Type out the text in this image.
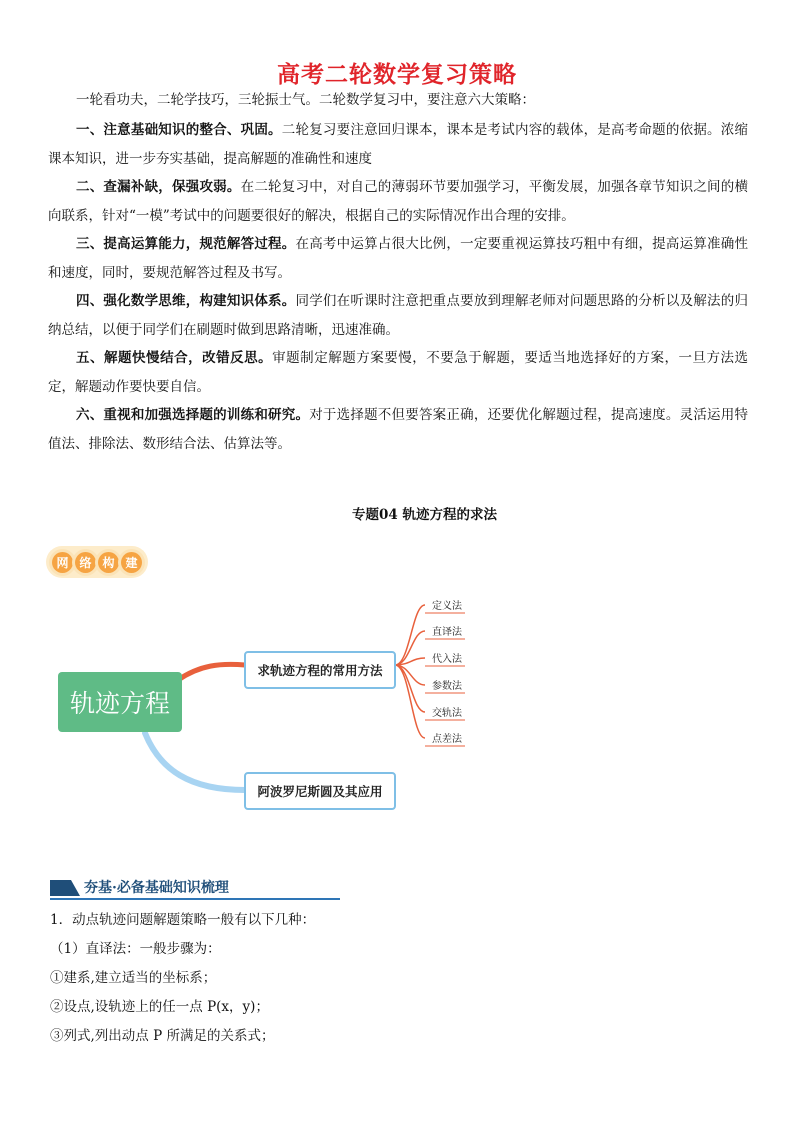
高考二轮数学复习策略
一轮看功夫，二轮学技巧，三轮振士气。二轮数学复习中，要注意六大策略：

一、注意基础知识的整合、巩固。二轮复习要注意回归课本，课本是考试内容的载体，是高考命题的依据。浓缩课本知识，进一步夯实基础，提高解题的准确性和速度

二、查漏补缺，保强攻弱。在二轮复习中，对自己的薄弱环节要加强学习，平衡发展，加强各章节知识之间的横向联系，针对“一模”考试中的问题要很好的解决，根据自己的实际情况作出合理的安排。

三、提高运算能力，规范解答过程。在高考中运算占很大比例，一定要重视运算技巧粗中有细，提高运算准确性和速度，同时，要规范解答过程及书写。

四、强化数学思维，构建知识体系。同学们在听课时注意把重点要放到理解老师对问题思路的分析以及解法的归纳总结，以便于同学们在刷题时做到思路清晰，迅速准确。

五、解题快慢结合，改错反思。审题制定解题方案要慢，不要急于解题，要适当地选择好的方案，一旦方法选定，解题动作要快要自信。

六、重视和加强选择题的训练和研究。对于选择题不但要答案正确，还要优化解题过程，提高速度。灵活运用特值法、排除法、数形结合法、估算法等。

专题04 轨迹方程的求法
网 络 构 建
轨迹方程
求轨迹方程的常用方法
阿波罗尼斯圆及其应用
定义法
直译法
代入法
参数法
交轨法
点差法
夯基·必备基础知识梳理
1．动点轨迹问题解题策略一般有以下几种：
（1）直译法：一般步骤为：
①建系,建立适当的坐标系；
②设点,设轨迹上的任一点 P(x，y)；
③列式,列出动点 P 所满足的关系式；
